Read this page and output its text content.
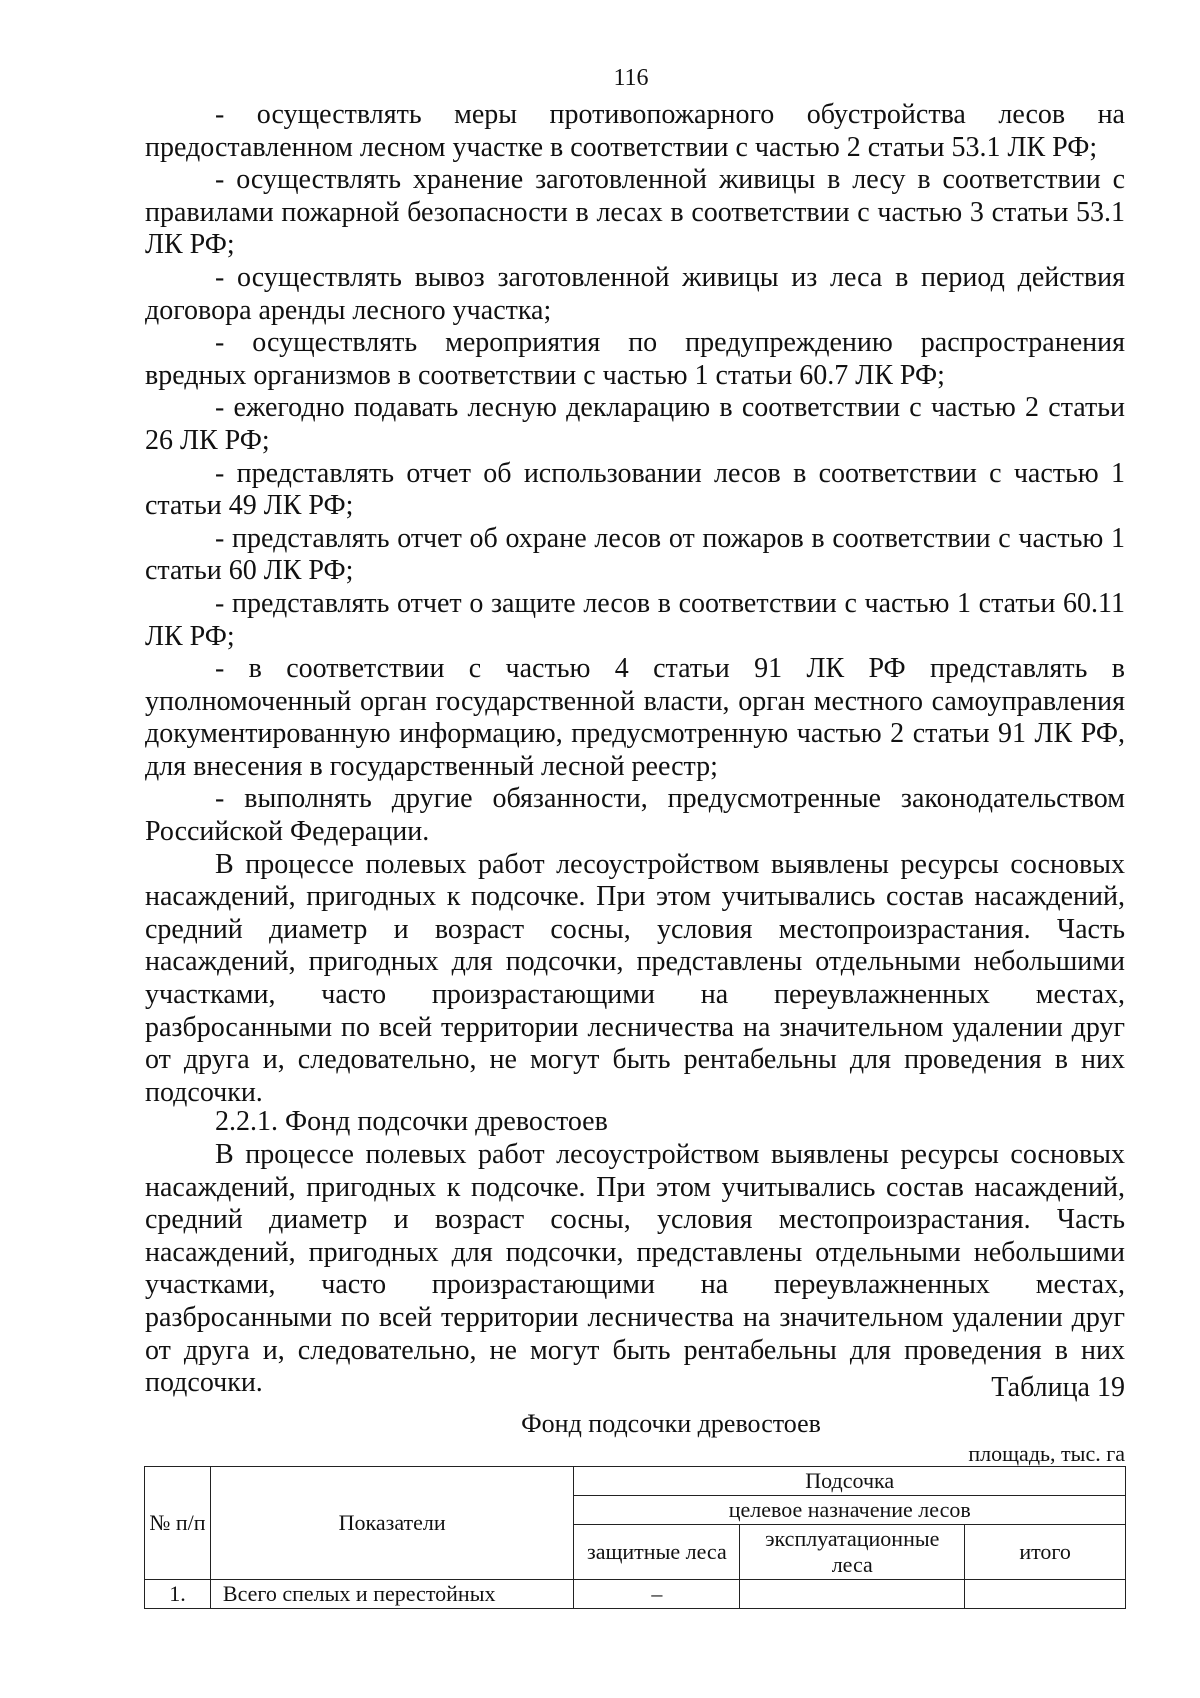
116

- осуществлять меры противопожарного обустройства лесов на предоставленном лесном участке в соответствии с частью 2 статьи 53.1 ЛК РФ;

- осуществлять хранение заготовленной живицы в лесу в соответствии с правилами пожарной безопасности в лесах в соответствии с частью 3 статьи 53.1 ЛК РФ;

- осуществлять вывоз заготовленной живицы из леса в период действия договора аренды лесного участка;

- осуществлять мероприятия по предупреждению распространения вредных организмов в соответствии с частью 1 статьи 60.7 ЛК РФ;

- ежегодно подавать лесную декларацию в соответствии с частью 2 статьи 26 ЛК РФ;

- представлять отчет об использовании лесов в соответствии с частью 1 статьи 49 ЛК РФ;

- представлять отчет об охране лесов от пожаров в соответствии с частью 1 статьи 60 ЛК РФ;

- представлять отчет о защите лесов в соответствии с частью 1 статьи 60.11 ЛК РФ;

- в соответствии с частью 4 статьи 91 ЛК РФ представлять в уполномоченный орган государственной власти, орган местного самоуправления документированную информацию, предусмотренную частью 2 статьи 91 ЛК РФ, для внесения в государственный лесной реестр;

- выполнять другие обязанности, предусмотренные законодательством Российской Федерации.

В процессе полевых работ лесоустройством выявлены ресурсы сосновых насаждений, пригодных к подсочке. При этом учитывались состав насаждений, средний диаметр и возраст сосны, условия местопроизрастания. Часть насаждений, пригодных для подсочки, представлены отдельными небольшими участками, часто произрастающими на переувлажненных местах, разбросанными по всей территории лесничества на значительном удалении друг от друга и, следовательно, не могут быть рентабельны для проведения в них подсочки.

2.2.1. Фонд подсочки древостоев

В процессе полевых работ лесоустройством выявлены ресурсы сосновых насаждений, пригодных к подсочке. При этом учитывались состав насаждений, средний диаметр и возраст сосны, условия местопроизрастания. Часть насаждений, пригодных для подсочки, представлены отдельными небольшими участками, часто произрастающими на переувлажненных местах, разбросанными по всей территории лесничества на значительном удалении друг от друга и, следовательно, не могут быть рентабельны для проведения в них подсочки.	Таблица 19
Фонд подсочки древостоев
площадь, тыс. га
№ п/п	Показатели	Подсочка		
		целевое назначение лесов		
		защитные леса	эксплуатационные леса	итого
1.	Всего спелых и перестойных	–		
